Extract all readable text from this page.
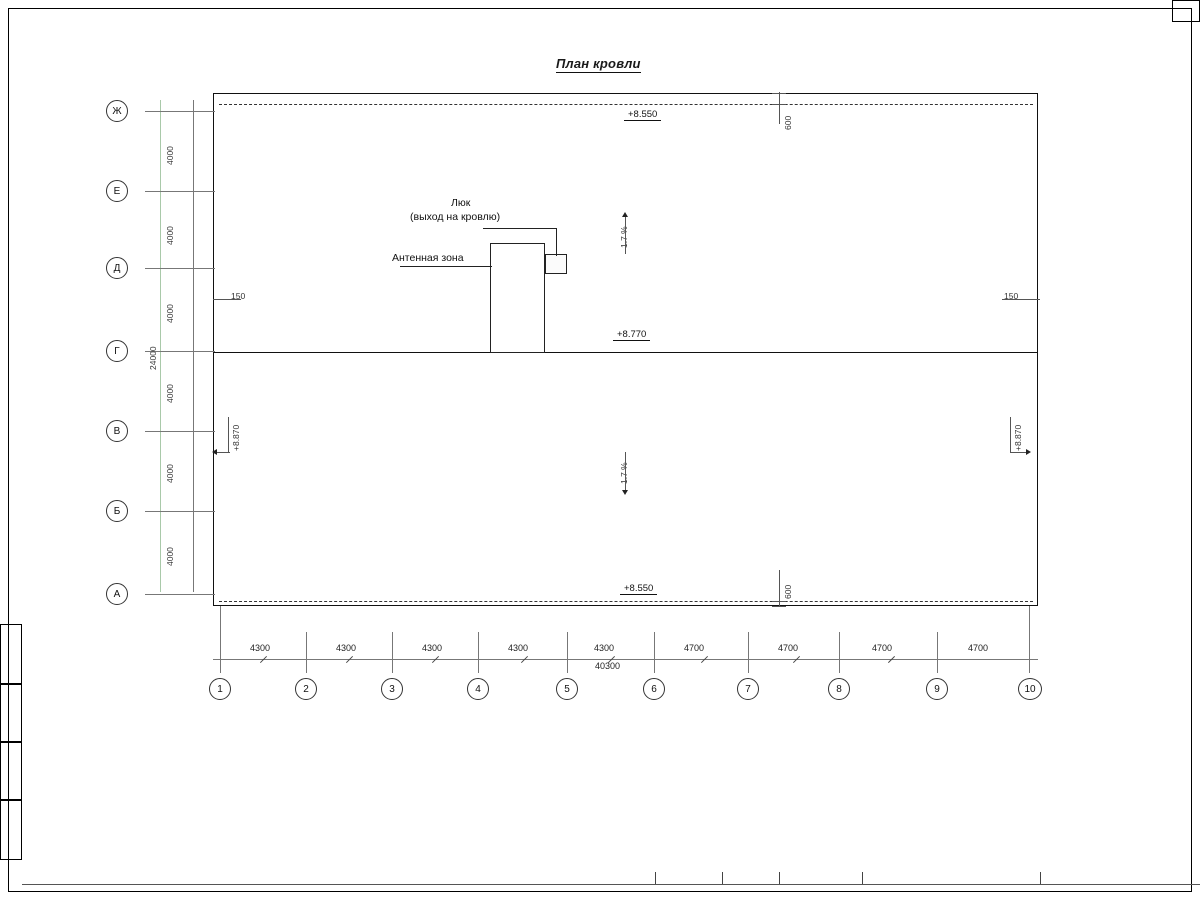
План кровли
Ж
Е
Д
Г
В
Б
А
4000
4000
4000
4000
4000
4000
24000
4300	4300	4300	4300	4300	4700	4700	4700	4700
40300
1	2	3	4	5	6	7	8	9	10
+8.550
+8.770
+8.550
+8.870	+8.870
150	150
600
600
1.7 %
1.7 %
Люк
(выход на кровлю)
Антенная зона
